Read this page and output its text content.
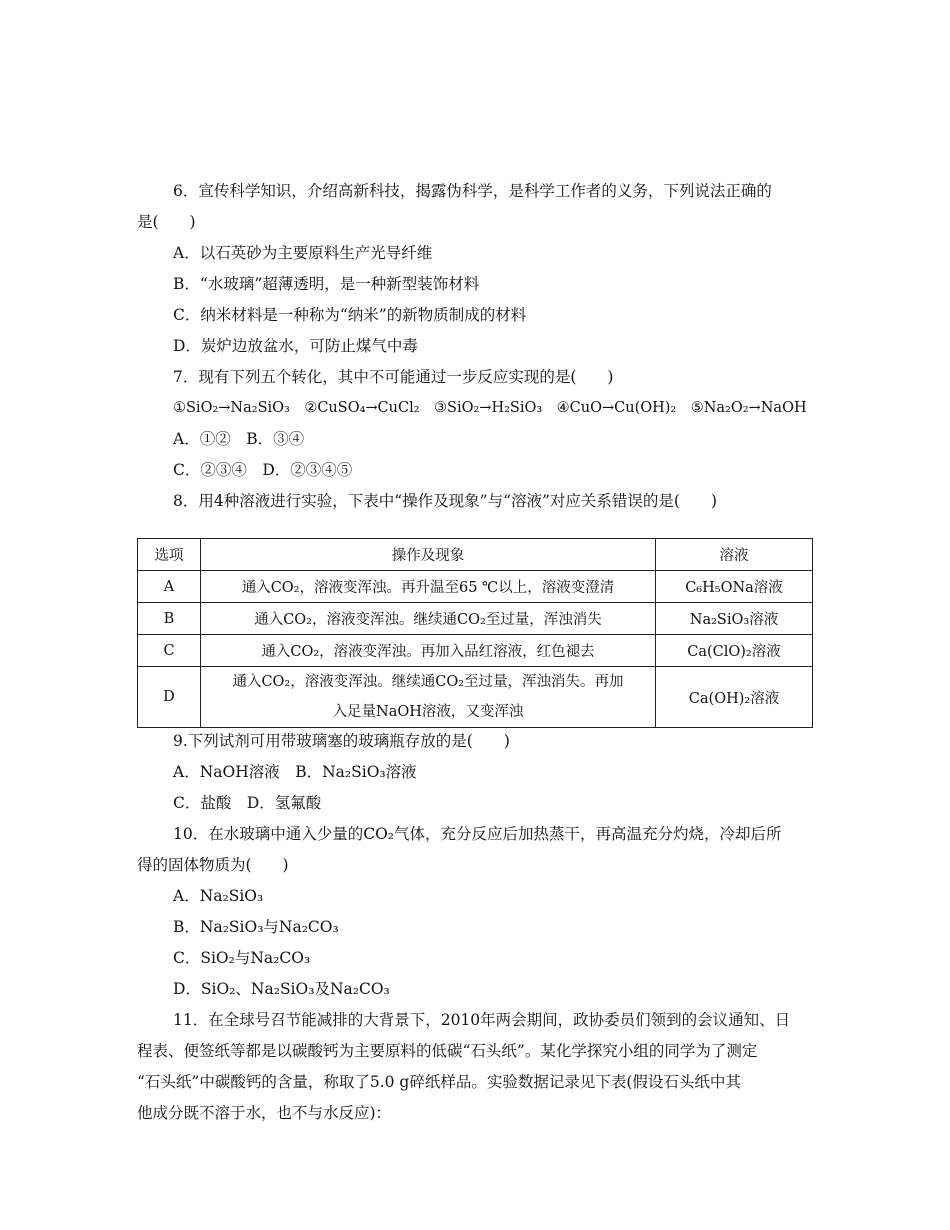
6．宣传科学知识，介绍高新科技，揭露伪科学，是科学工作者的义务，下列说法正确的
是(　　)
A．以石英砂为主要原料生产光导纤维
B．“水玻璃”超薄透明，是一种新型装饰材料
C．纳米材料是一种称为“纳米”的新物质制成的材料
D．炭炉边放盆水，可防止煤气中毒
7．现有下列五个转化，其中不可能通过一步反应实现的是(　　)
①SiO₂→Na₂SiO₃　②CuSO₄→CuCl₂　③SiO₂→H₂SiO₃　④CuO→Cu(OH)₂　⑤Na₂O₂→NaOH
A．①②　B．③④
C．②③④　D．②③④⑤
8．用4种溶液进行实验，下表中“操作及现象”与“溶液”对应关系错误的是(　　)
选项	操作及现象	溶液
A	通入CO₂，溶液变浑浊。再升温至65 ℃以上，溶液变澄清	C₆H₅ONa溶液
B	通入CO₂，溶液变浑浊。继续通CO₂至过量，浑浊消失	Na₂SiO₃溶液
C	通入CO₂，溶液变浑浊。再加入品红溶液，红色褪去	Ca(ClO)₂溶液
D	通入CO₂，溶液变浑浊。继续通CO₂至过量，浑浊消失。再加
入足量NaOH溶液，又变浑浊	Ca(OH)₂溶液
9.下列试剂可用带玻璃塞的玻璃瓶存放的是(　　)
A．NaOH溶液　B．Na₂SiO₃溶液
C．盐酸　D．氢氟酸
10．在水玻璃中通入少量的CO₂气体，充分反应后加热蒸干，再高温充分灼烧，冷却后所
得的固体物质为(　　)
A．Na₂SiO₃
B．Na₂SiO₃与Na₂CO₃
C．SiO₂与Na₂CO₃
D．SiO₂、Na₂SiO₃及Na₂CO₃
11．在全球号召节能减排的大背景下，2010年两会期间，政协委员们领到的会议通知、日
程表、便签纸等都是以碳酸钙为主要原料的低碳“石头纸”。某化学探究小组的同学为了测定
“石头纸”中碳酸钙的含量，称取了5.0 g碎纸样品。实验数据记录见下表(假设石头纸中其
他成分既不溶于水，也不与水反应)：
